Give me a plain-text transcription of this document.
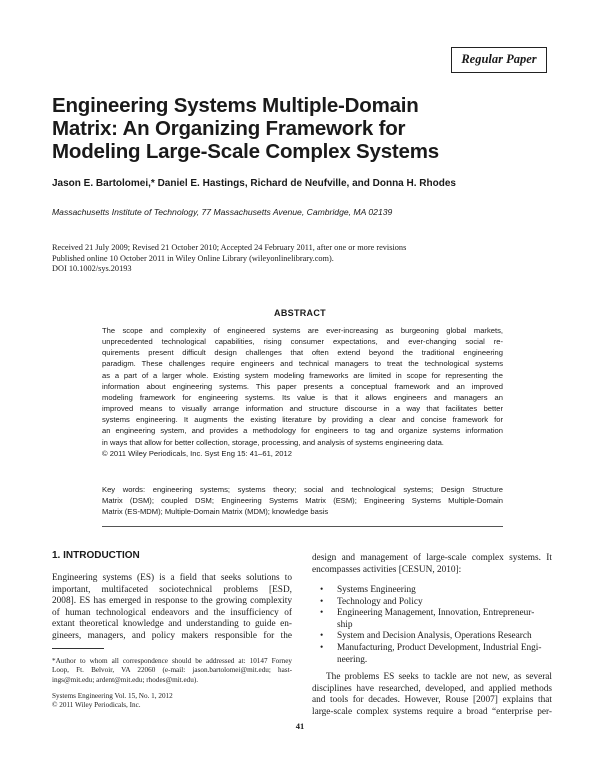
Regular Paper
Engineering Systems Multiple-Domain
Matrix: An Organizing Framework for
Modeling Large-Scale Complex Systems
Jason E. Bartolomei,* Daniel E. Hastings, Richard de Neufville, and Donna H. Rhodes
Massachusetts Institute of Technology, 77 Massachusetts Avenue, Cambridge, MA 02139
Received 21 July 2009; Revised 21 October 2010; Accepted 24 February 2011, after one or more revisions
Published online 10 October 2011 in Wiley Online Library (wileyonlinelibrary.com).
DOI 10.1002/sys.20193
ABSTRACT
The scope and complexity of engineered systems are ever-increasing as burgeoning global markets,
unprecedented technological capabilities, rising consumer expectations, and ever-changing social re-
quirements present difficult design challenges that often extend beyond the traditional engineering
paradigm. These challenges require engineers and technical managers to treat the technological systems
as a part of a larger whole. Existing system modeling frameworks are limited in scope for representing the
information about engineering systems. This paper presents a conceptual framework and an improved
modeling framework for engineering systems. Its value is that it allows engineers and managers an
improved means to visually arrange information and structure discourse in a way that facilitates better
systems engineering. It augments the existing literature by providing a clear and concise framework for
an engineering system, and provides a methodology for engineers to tag and organize systems information
in ways that allow for better collection, storage, processing, and analysis of systems engineering data.
© 2011 Wiley Periodicals, Inc. Syst Eng 15: 41–61, 2012
Key words: engineering systems; systems theory; social and technological systems; Design Structure
Matrix (DSM); coupled DSM; Engineering Systems Matrix (ESM); Engineering Systems Multiple-Domain
Matrix (ES-MDM); Multiple-Domain Matrix (MDM); knowledge basis
1. INTRODUCTION
Engineering systems (ES) is a field that seeks solutions to
important, multifaceted sociotechnical problems [ESD,
2008]. ES has emerged in response to the growing complexity
of human technological endeavors and the insufficiency of
extant theoretical knowledge and understanding to guide en-
gineers, managers, and policy makers responsible for the
*Author to whom all correspondence should be addressed at: 10147 Forney
Loop, Ft. Belvoir, VA 22060 (e-mail: jason.bartolomei@mit.edu; hast-
ings@mit.edu; ardent@mit.edu; rhodes@mit.edu).
Systems Engineering Vol. 15, No. 1, 2012
© 2011 Wiley Periodicals, Inc.
design and management of large-scale complex systems. It
encompasses activities [CESUN, 2010]:
• Systems Engineering
• Technology and Policy
• Engineering Management, Innovation, Entrepreneur-
ship
• System and Decision Analysis, Operations Research
• Manufacturing, Product Development, Industrial Engi-
neering.
The problems ES seeks to tackle are not new, as several
disciplines have researched, developed, and applied methods
and tools for decades. However, Rouse [2007] explains that
large-scale complex systems require a broad “enterprise per-
41
